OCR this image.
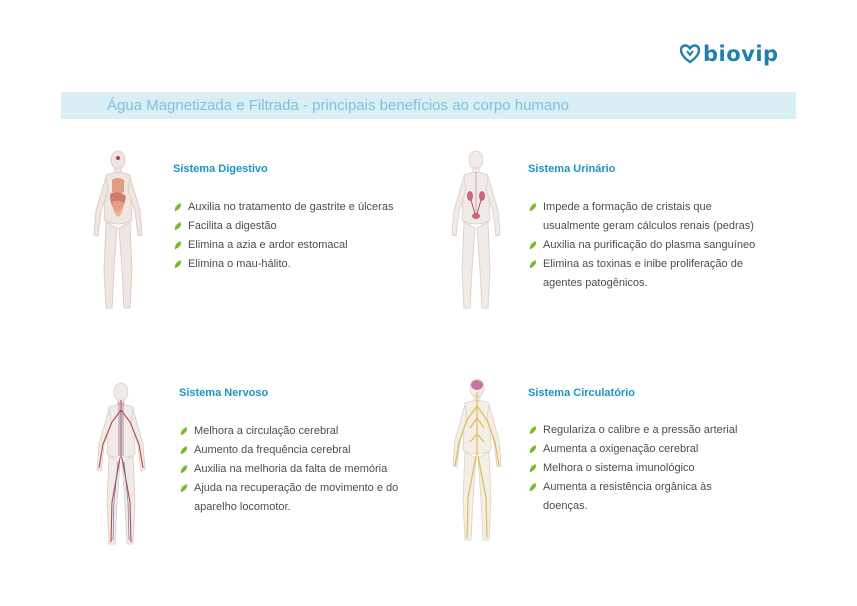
biovip
Água Magnetizada e Filtrada - principais benefícios ao corpo humano
Sistema Digestivo
Auxilia no tratamento de gastrite e úlceras
Facilita a digestão
Elimina a azia e ardor estomacal
Elimina o mau-hálito.
Sistema Urinário
Impede a formação de cristais que usualmente geram cálculos renais (pedras)
Auxilia na purificação do plasma sanguíneo
Elimina as toxinas e inibe proliferação de agentes patogênicos.
Sistema Nervoso
Melhora a circulação cerebral
Aumento da frequência cerebral
Auxilia na melhoria da falta de memória
Ajuda na recuperação de movimento e do aparelho locomotor.
Sistema Circulatório
Regulariza o calibre e a pressão arterial
Aumenta a oxigenação cerebral
Melhora o sistema imunológico
Aumenta a resistência orgânica às doenças.
